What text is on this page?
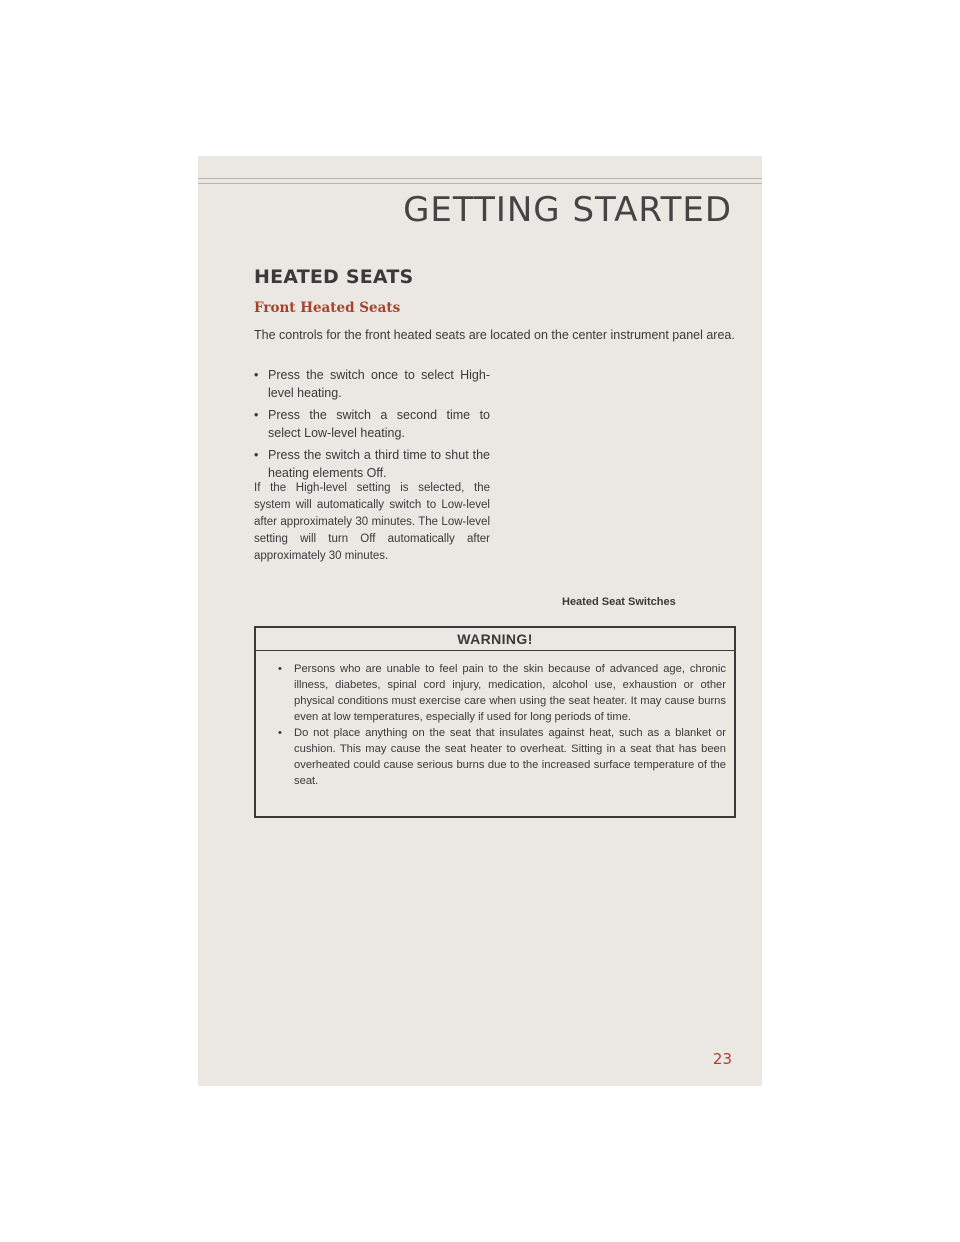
GETTING STARTED
HEATED SEATS
Front Heated Seats
The controls for the front heated seats are located on the center instrument panel area.
• Press the switch once to select High-level heating.
• Press the switch a second time to select Low-level heating.
• Press the switch a third time to shut the heating elements Off.
If the High-level setting is selected, the system will automatically switch to Low-level after approximately 30 minutes. The Low-level setting will turn Off automatically after approximately 30 minutes.
Heated Seat Switches
WARNING!
• Persons who are unable to feel pain to the skin because of advanced age, chronic illness, diabetes, spinal cord injury, medication, alcohol use, exhaustion or other physical conditions must exercise care when using the seat heater. It may cause burns even at low temperatures, especially if used for long periods of time.
• Do not place anything on the seat that insulates against heat, such as a blanket or cushion. This may cause the seat heater to overheat. Sitting in a seat that has been overheated could cause serious burns due to the increased surface temperature of the seat.
23
